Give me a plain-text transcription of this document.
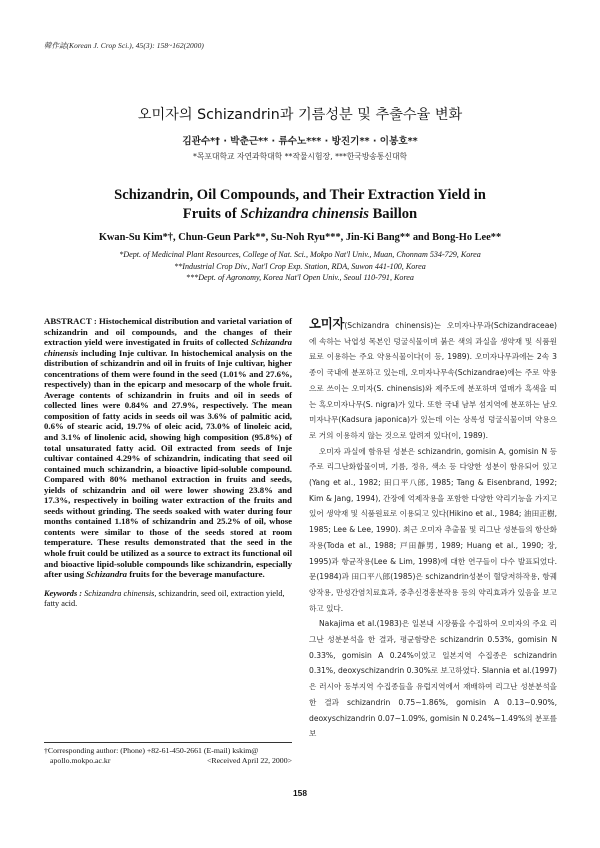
韓作誌(Korean J. Crop Sci.), 45(3): 158~162(2000)
오미자의 Schizandrin과 기름성분 및 추출수율 변화
김관수*† · 박춘근** · 류수노*** · 방진기** · 이봉호**
*목포대학교 자연과학대학 **작물시험장, ***한국방송통신대학
Schizandrin, Oil Compounds, and Their Extraction Yield in
Fruits of Schizandra chinensis Baillon
Kwan-Su Kim*†, Chun-Geun Park**, Su-Noh Ryu***, Jin-Ki Bang** and Bong-Ho Lee**
*Dept. of Medicinal Plant Resources, College of Nat. Sci., Mokpo Nat'l Univ., Muan, Chonnam 534-729, Korea
**Industrial Crop Div., Nat'l Crop Exp. Station, RDA, Suwon 441-100, Korea
***Dept. of Agronomy, Korea Nat'l Open Univ., Seoul 110-791, Korea

ABSTRACT : Histochemical distribution and varietal variation of schizandrin and oil compounds, and the changes of their extraction yield were investigated in fruits of collected Schizandra chinensis including Inje cultivar. In histochemical analysis on the distribution of schizandrin and oil in fruits of Inje cultivar, higher concentrations of them were found in the seed (1.01% and 27.6%, respectively) than in the epicarp and mesocarp of the whole fruit. Average contents of schizandrin in fruits and oil in seeds of collected lines were 0.84% and 27.9%, respectively. The mean composition of fatty acids in seeds oil was 3.6% of palmitic acid, 0.6% of stearic acid, 19.7% of oleic acid, 73.0% of linoleic acid, and 3.1% of linolenic acid, showing high composition (95.8%) of total unsaturated fatty acid. Oil extracted from seeds of Inje cultivar contained 4.29% of schizandrin, indicating that seed oil contained much schizandrin, a bioactive lipid-soluble compound. Compared with 80% methanol extraction in fruits and seeds, yields of schizandrin and oil were lower showing 23.8% and 17.3%, respectively in boiling water extraction of the fruits and seeds without grinding. The seeds soaked with water during four months contained 1.18% of schizandrin and 25.2% of oil, whose contents were similar to those of the seeds stored at room temperature. These results demonstrated that the seed in the whole fruit could be utilized as a source to extract its functional oil and bioactive lipid-soluble compounds like schizandrin, especially after using Schizandra fruits for the beverage manufacture.

Keywords : Schizandra chinensis, schizandrin, seed oil, extraction yield, fatty acid.
†Corresponding author: (Phone) +82-61-450-2661 (E-mail) kskim@
apollo.mokpo.ac.kr	<Received April 22, 2000>

오미자(Schizandra chinensis)는 오미자나무과(Schizandraceae)에 속하는 낙엽성 목본인 덩굴식물이며 붉은 색의 과실을 생약재 및 식품원료로 이용하는 주요 약용식물이다(이 등, 1989). 오미자나무과에는 2속 3종이 국내에 분포하고 있는데, 오미자나무속(Schizandrae)에는 주로 약용으로 쓰이는 오미자(S. chinensis)와 제주도에 분포하며 열매가 흑색을 띠는 흑오미자나무(S. nigra)가 있다. 또한 국내 남부 섬지역에 분포하는 남오미자나무(Kadsura japonica)가 있는데 이는 상록성 덩굴식물이며 약용으로 거의 이용하지 않는 것으로 알려져 있다(이, 1989).

오미자 과실에 함유된 성분은 schizandrin, gomisin A, gomisin N 등 주로 리그난화합물이며, 기름, 정유, 색소 등 다양한 성분이 함유되어 있고(Yang et al., 1982; 田口平八郎, 1985; Tang & Eisenbrand, 1992; Kim & Jang, 1994), 간장에 억제작용을 포함한 다양한 약리기능을 가지고 있어 생약재 및 식품원료로 이용되고 있다(Hikino et al., 1984; 油田正樹, 1985; Lee & Lee, 1990). 최근 오미자 추출물 및 리그난 성분들의 항산화작용(Toda et al., 1988; 戸田靜男, 1989; Huang et al., 1990; 장, 1995)과 항균작용(Lee & Lim, 1998)에 대한 연구들이 다수 발표되었다. 문(1984)과 田口平八郎(1985)은 schizandrin성분이 혈당저하작용, 항궤양작용, 만성간염치료효과, 중추신경흥분작용 등의 약리효과가 있음을 보고하고 있다.

Nakajima et al.(1983)은 일본내 시장품을 수집하여 오미자의 주요 리그난 성분분석을 한 결과, 평균함량은 schizandrin 0.53%, gomisin N 0.33%, gomisin A 0.24%이었고 일본지역 수집종은 schizandrin 0.31%, deoxyschizandrin 0.30%로 보고하였다. Slannia et al.(1997)은 러시아 동부지역 수집종들을 유럽지역에서 재배하여 리그난 성분분석을 한 결과 schizandrin 0.75~1.86%, gomisin A 0.13~0.90%, deoxyschizandrin 0.07~1.09%, gomisin N 0.24%~1.49%의 분포를 보

158
